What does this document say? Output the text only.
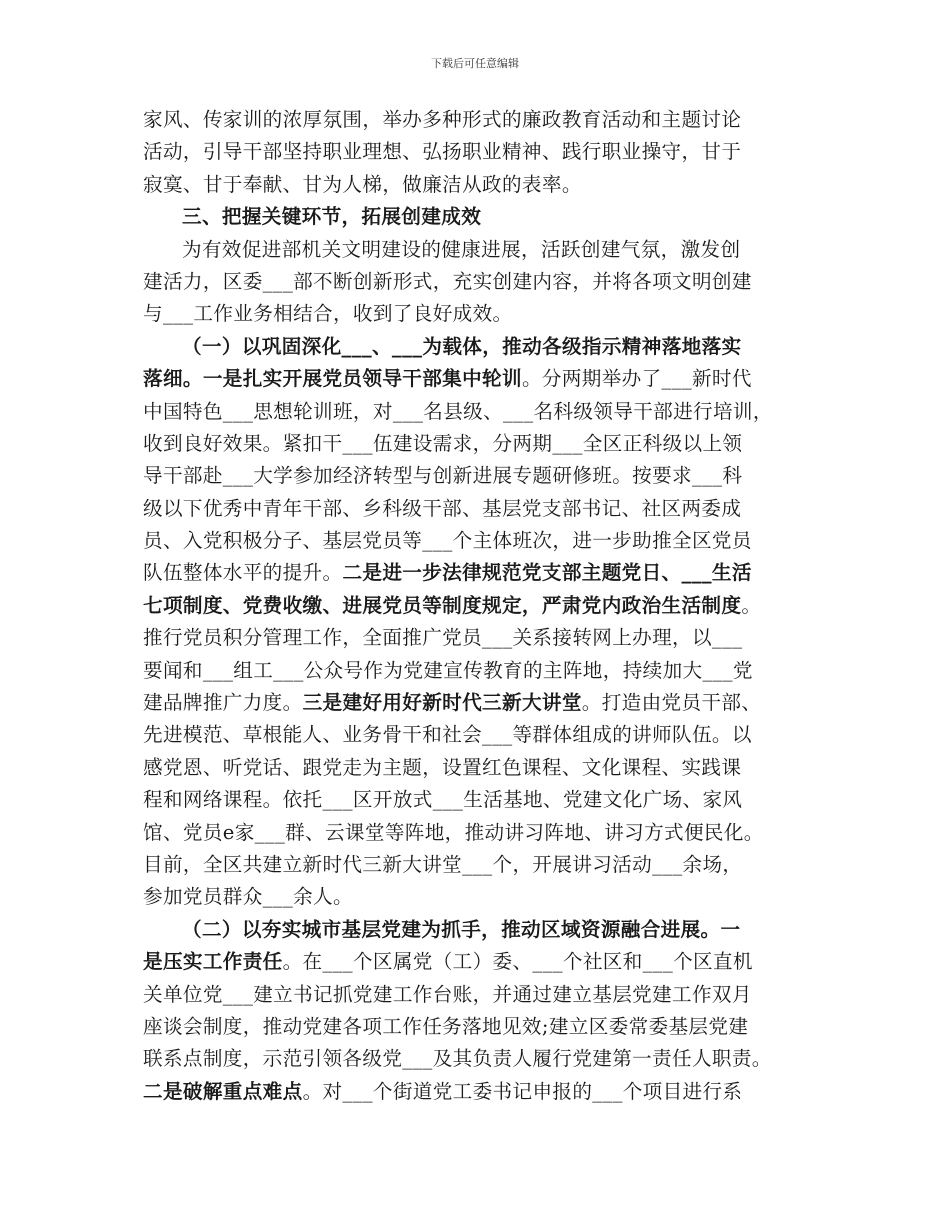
下载后可任意编辑
家风、传家训的浓厚氛围，举办多种形式的廉政教育活动和主题讨论
活动，引导干部坚持职业理想、弘扬职业精神、践行职业操守，甘于
寂寞、甘于奉献、甘为人梯，做廉洁从政的表率。
三、把握关键环节，拓展创建成效
为有效促进部机关文明建设的健康进展，活跃创建气氛，激发创
建活力，区委___部不断创新形式，充实创建内容，并将各项文明创建
与___工作业务相结合，收到了良好成效。
（一）以巩固深化___、___为载体，推动各级指示精神落地落实
落细。一是扎实开展党员领导干部集中轮训。分两期举办了___新时代
中国特色___思想轮训班，对___名县级、___名科级领导干部进行培训，
收到良好效果。紧扣干___伍建设需求，分两期___全区正科级以上领
导干部赴___大学参加经济转型与创新进展专题研修班。按要求___科
级以下优秀中青年干部、乡科级干部、基层党支部书记、社区两委成
员、入党积极分子、基层党员等___个主体班次，进一步助推全区党员
队伍整体水平的提升。二是进一步法律规范党支部主题党日、___生活
七项制度、党费收缴、进展党员等制度规定，严肃党内政治生活制度。
推行党员积分管理工作，全面推广党员___关系接转网上办理，以___
要闻和___组工___公众号作为党建宣传教育的主阵地，持续加大___党
建品牌推广力度。三是建好用好新时代三新大讲堂。打造由党员干部、
先进模范、草根能人、业务骨干和社会___等群体组成的讲师队伍。以
感党恩、听党话、跟党走为主题，设置红色课程、文化课程、实践课
程和网络课程。依托___区开放式___生活基地、党建文化广场、家风
馆、党员e家___群、云课堂等阵地，推动讲习阵地、讲习方式便民化。
目前，全区共建立新时代三新大讲堂___个，开展讲习活动___余场，
参加党员群众___余人。
（二）以夯实城市基层党建为抓手，推动区域资源融合进展。一
是压实工作责任。在___个区属党（工）委、___个社区和___个区直机
关单位党___建立书记抓党建工作台账，并通过建立基层党建工作双月
座谈会制度，推动党建各项工作任务落地见效;建立区委常委基层党建
联系点制度，示范引领各级党___及其负责人履行党建第一责任人职责。
二是破解重点难点。对___个街道党工委书记申报的___个项目进行系
